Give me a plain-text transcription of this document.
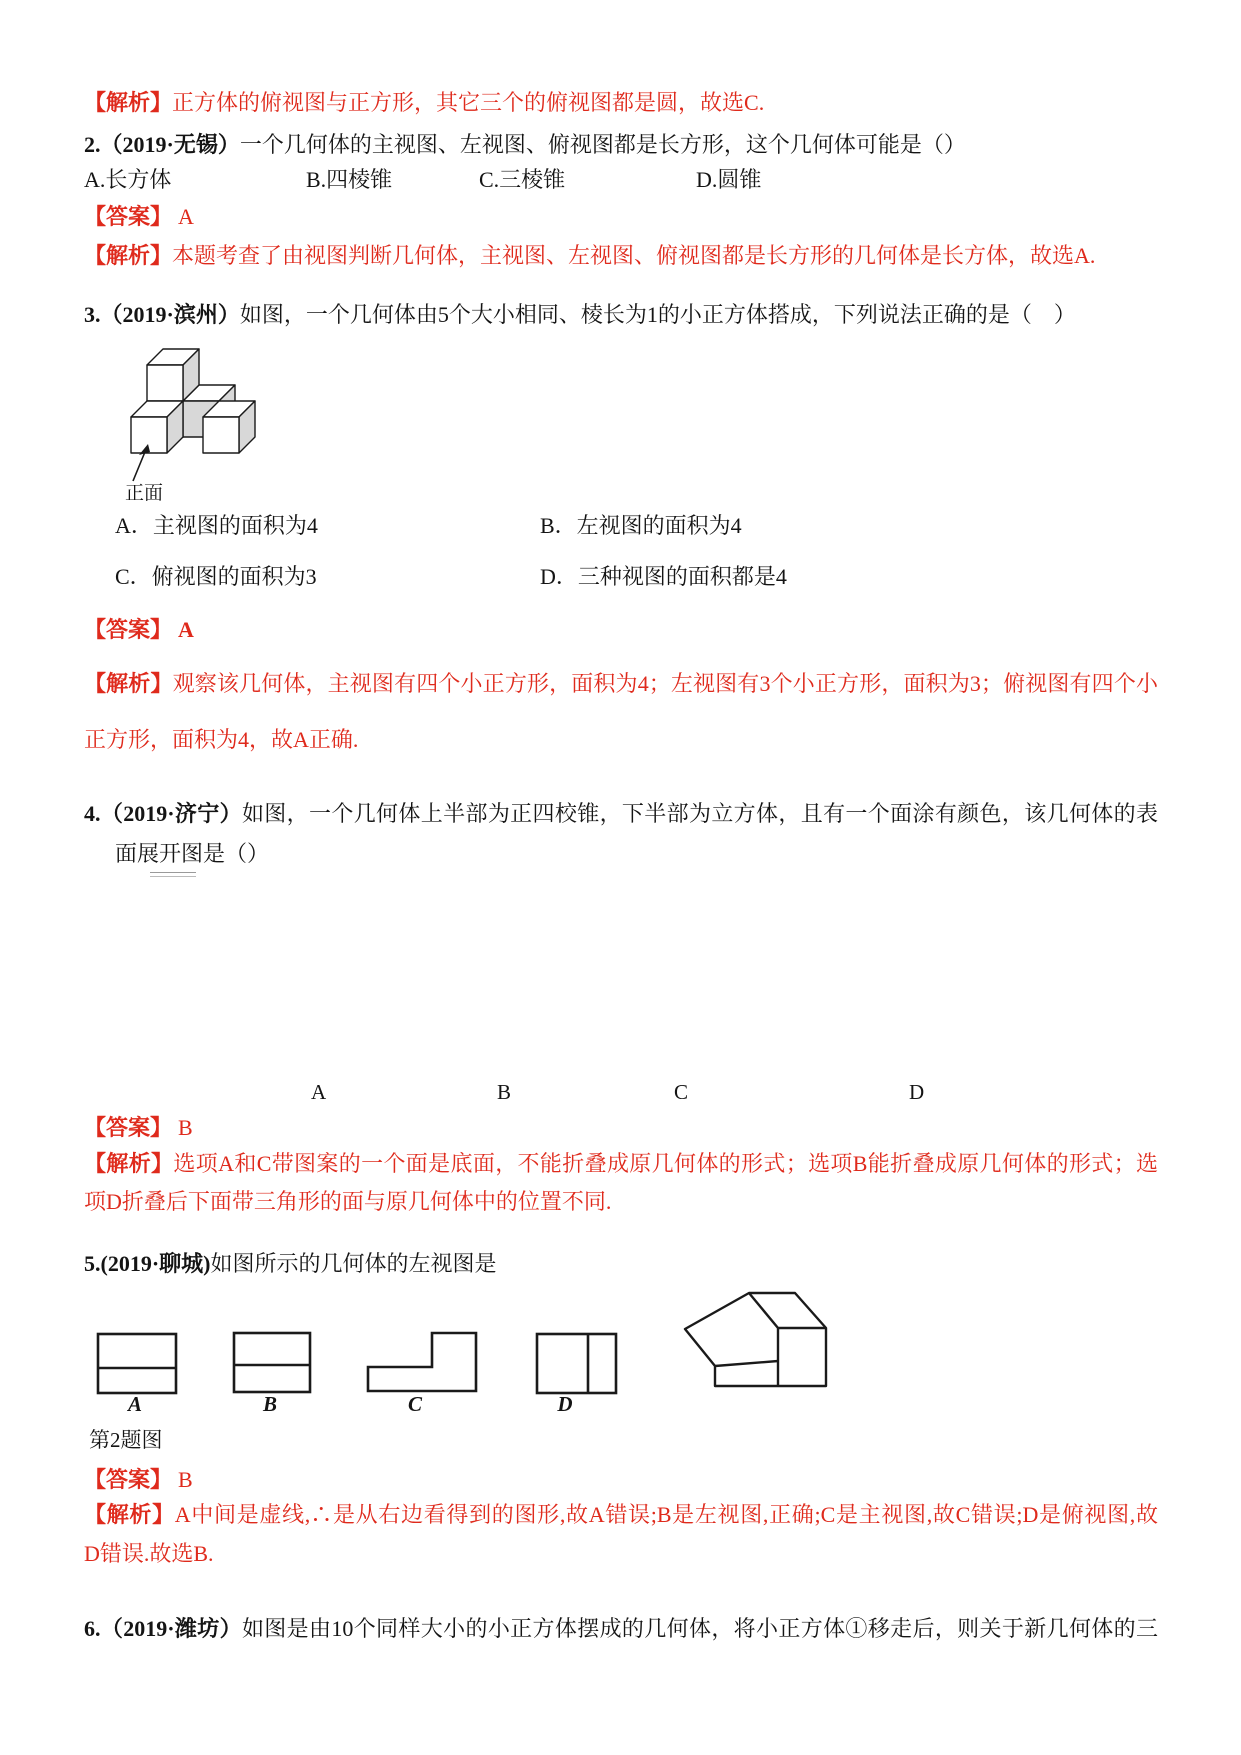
【解析】正方体的俯视图与正方形，其它三个的俯视图都是圆，故选C.
2.（2019·无锡）一个几何体的主视图、左视图、俯视图都是长方形，这个几何体可能是（）
A.长方体	B.四棱锥	C.三棱锥	D.圆锥
【答案】 A
【解析】本题考查了由视图判断几何体，主视图、左视图、俯视图都是长方形的几何体是长方体，故选A.
3.（2019·滨州）如图，一个几何体由5个大小相同、棱长为1的小正方体搭成，下列说法正确的是（　）
正面
A．主视图的面积为4	B．左视图的面积为4
C．俯视图的面积为3	D．三种视图的面积都是4
【答案】 A
【解析】观察该几何体，主视图有四个小正方形，面积为4；左视图有3个小正方形，面积为3；俯视图有四个小
正方形，面积为4，故A正确.
4.（2019·济宁）如图，一个几何体上半部为正四校锥，下半部为立方体，且有一个面涂有颜色，该几何体的表
面展开图是（）
A	B	C	D
【答案】 B
【解析】选项A和C带图案的一个面是底面，不能折叠成原几何体的形式；选项B能折叠成原几何体的形式；选
项D折叠后下面带三角形的面与原几何体中的位置不同.
5.(2019·聊城)如图所示的几何体的左视图是
A	B	C	D
第2题图
【答案】 B
【解析】A中间是虚线,∴是从右边看得到的图形,故A错误;B是左视图,正确;C是主视图,故C错误;D是俯视图,故
D错误.故选B.
6.（2019·潍坊）如图是由10个同样大小的小正方体摆成的几何体，将小正方体①移走后，则关于新几何体的三
